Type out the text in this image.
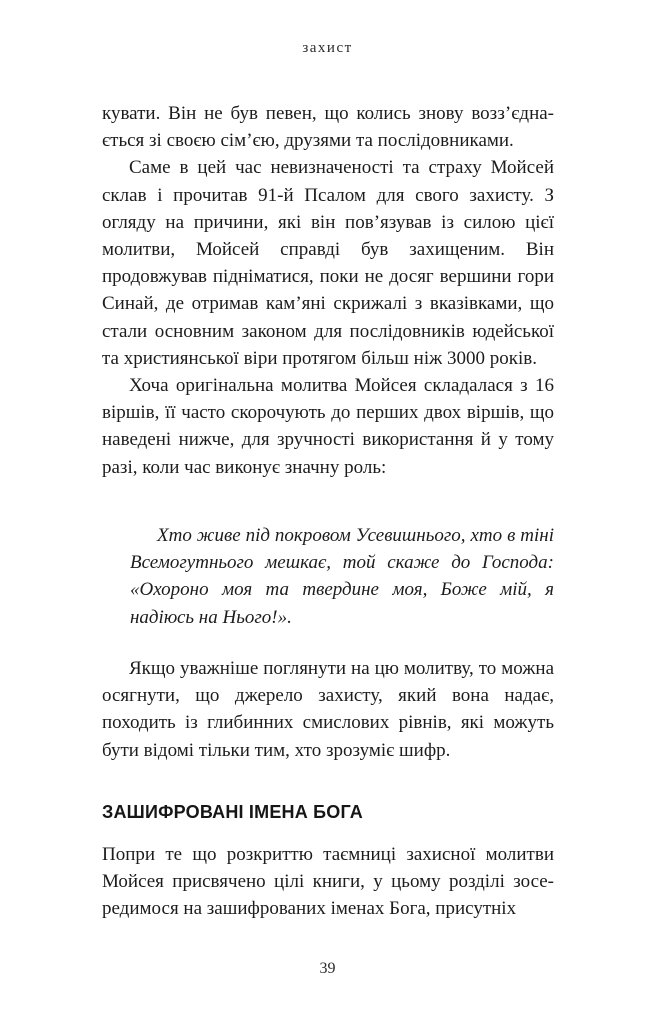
захист

кувати. Він не був певен, що колись знову возз’єднається зі своєю сім’єю, друзями та послідовниками.

Саме в цей час невизначеності та страху Мойсей склав і прочитав 91-й Псалом для свого захисту. З огляду на причини, які він пов’язував із силою цієї молитви, Мойсей справді був захищеним. Він продовжував підніматися, поки не досяг вершини гори Синай, де отримав кам’яні скрижалі з вказівками, що стали основним законом для послідовників юдейської та християнської віри протягом більш ніж 3000 років.

Хоча оригінальна молитва Мойсея складалася з 16 віршів, її часто скорочують до перших двох віршів, що наведені нижче, для зручності використання й у тому разі, коли час виконує значну роль:

Хто живе під покровом Усевишнього, хто в тіні Всемогутнього мешкає, той скаже до Господа: «Охороно моя та твердине моя, Боже мій, я надіюсь на Нього!».

Якщо уважніше поглянути на цю молитву, то можна осягнути, що джерело захисту, який вона надає, походить із глибинних смислових рівнів, які можуть бути відомі тільки тим, хто зрозуміє шифр.

ЗАШИФРОВАНІ ІМЕНА БОГА

Попри те що розкриттю таємниці захисної молитви Мойсея присвячено цілі книги, у цьому розділі зосередимося на зашифрованих іменах Бога, присутніх

39
